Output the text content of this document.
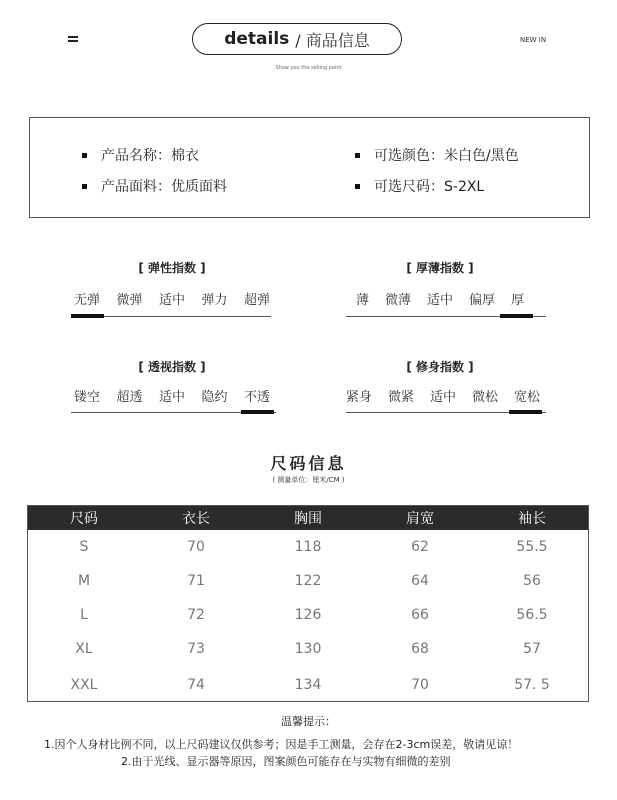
details / 商品信息	NEW IN
Show you the selling point
产品名称：棉衣	可选颜色：米白色/黑色
产品面料：优质面料	可选尺码：S-2XL
[ 弹性指数 ]
无弹 微弹 适中 弹力 超弹
[ 厚薄指数 ]
薄 微薄 适中 偏厚 厚
[ 透视指数 ]
镂空 超透 适中 隐约 不透
[ 修身指数 ]
紧身 微紧 适中 微松 宽松
尺码信息
( 测量单位：厘米/CM )
尺码	衣长	胸围	肩宽	袖长
S	70	118	62	55.5
M	71	122	64	56
L	72	126	66	56.5
XL	73	130	68	57
XXL	74	134	70	57. 5
温馨提示：
1.因个人身材比例不同，以上尺码建议仅供参考；因是手工测量，会存在2-3cm误差，敬请见谅！
2.由于光线、显示器等原因，图案颜色可能存在与实物有细微的差别
